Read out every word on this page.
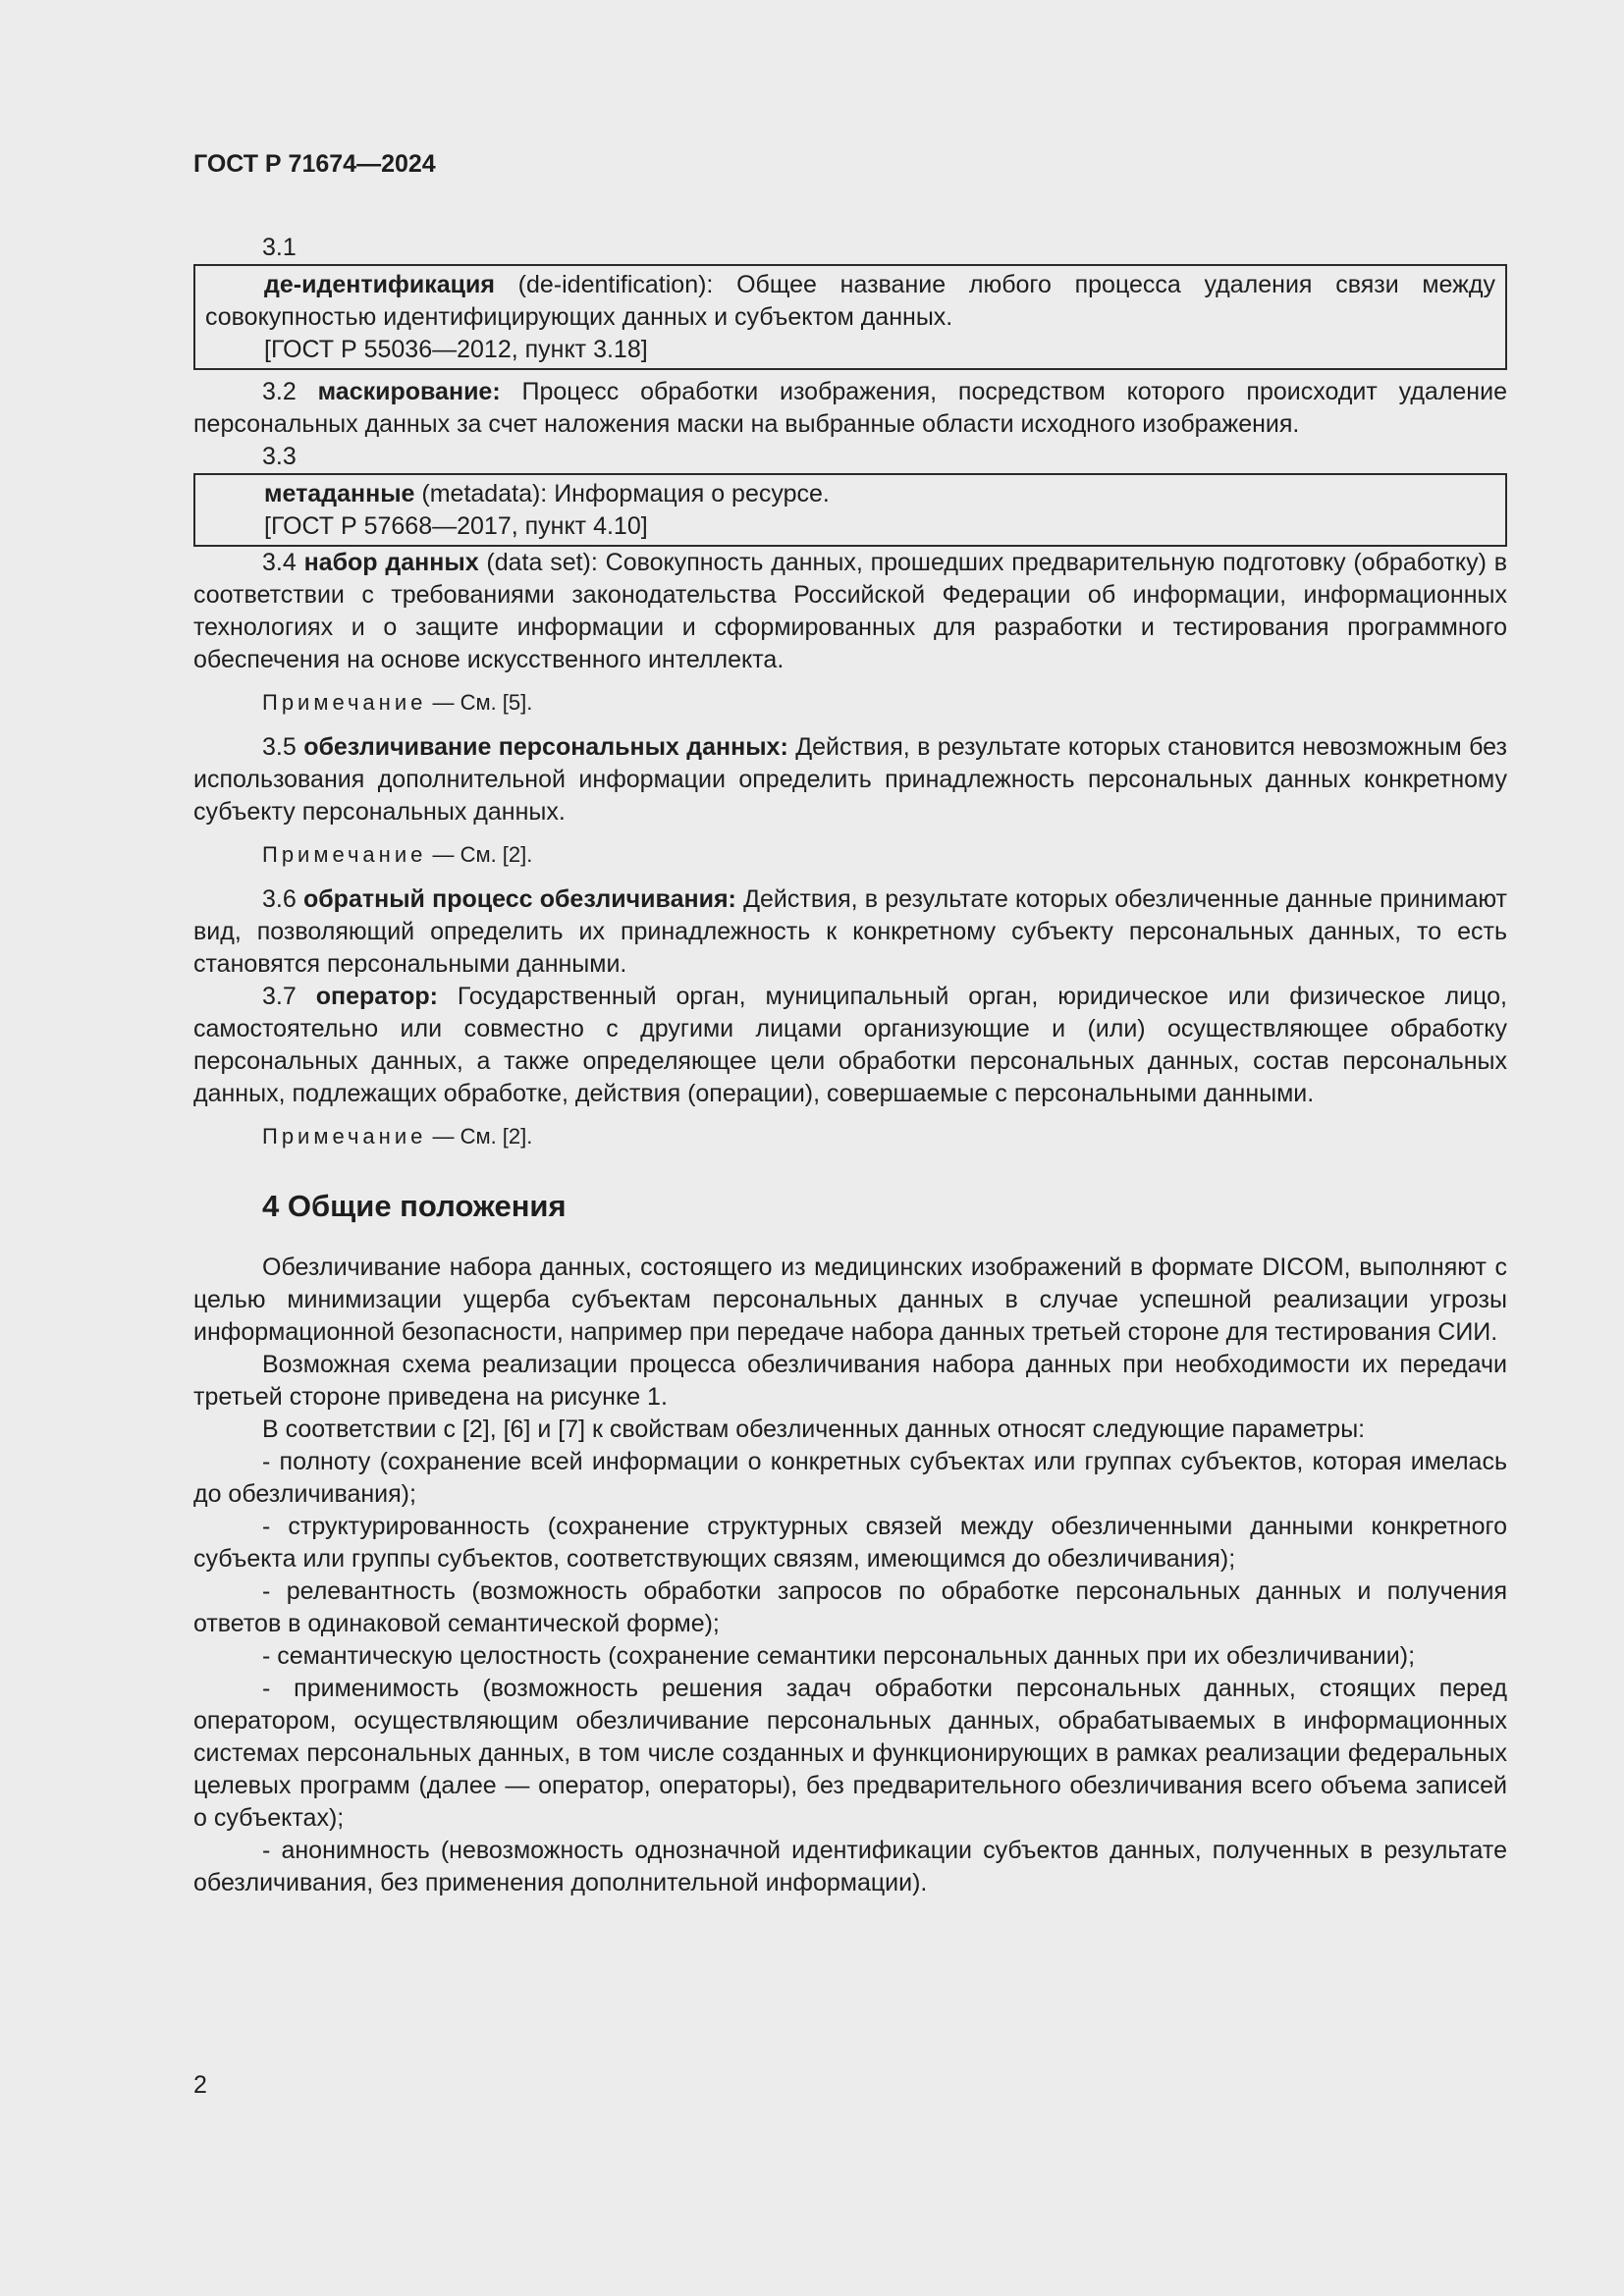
ГОСТ Р 71674—2024
3.1

де-идентификация (de-identification): Общее название любого процесса удаления связи между совокупностью идентифицирующих данных и субъектом данных.

[ГОСТ Р 55036—2012, пункт 3.18]

3.2 маскирование: Процесс обработки изображения, посредством которого происходит удаление персональных данных за счет наложения маски на выбранные области исходного изображения.

3.3

метаданные (metadata): Информация о ресурсе.

[ГОСТ Р 57668—2017, пункт 4.10]

3.4 набор данных (data set): Совокупность данных, прошедших предварительную подготовку (обработку) в соответствии с требованиями законодательства Российской Федерации об информации, информационных технологиях и о защите информации и сформированных для разработки и тестирования программного обеспечения на основе искусственного интеллекта.

Примечание — См. [5].

3.5 обезличивание персональных данных: Действия, в результате которых становится невозможным без использования дополнительной информации определить принадлежность персональных данных конкретному субъекту персональных данных.

Примечание — См. [2].

3.6 обратный процесс обезличивания: Действия, в результате которых обезличенные данные принимают вид, позволяющий определить их принадлежность к конкретному субъекту персональных данных, то есть становятся персональными данными.

3.7 оператор: Государственный орган, муниципальный орган, юридическое или физическое лицо, самостоятельно или совместно с другими лицами организующие и (или) осуществляющее обработку персональных данных, а также определяющее цели обработки персональных данных, состав персональных данных, подлежащих обработке, действия (операции), совершаемые с персональными данными.

Примечание — См. [2].
4 Общие положения

Обезличивание набора данных, состоящего из медицинских изображений в формате DICOM, выполняют с целью минимизации ущерба субъектам персональных данных в случае успешной реализации угрозы информационной безопасности, например при передаче набора данных третьей стороне для тестирования СИИ.

Возможная схема реализации процесса обезличивания набора данных при необходимости их передачи третьей стороне приведена на рисунке 1.

В соответствии с [2], [6] и [7] к свойствам обезличенных данных относят следующие параметры:

- полноту (сохранение всей информации о конкретных субъектах или группах субъектов, которая имелась до обезличивания);

- структурированность (сохранение структурных связей между обезличенными данными конкретного субъекта или группы субъектов, соответствующих связям, имеющимся до обезличивания);

- релевантность (возможность обработки запросов по обработке персональных данных и получения ответов в одинаковой семантической форме);

- семантическую целостность (сохранение семантики персональных данных при их обезличивании);

- применимость (возможность решения задач обработки персональных данных, стоящих перед оператором, осуществляющим обезличивание персональных данных, обрабатываемых в информационных системах персональных данных, в том числе созданных и функционирующих в рамках реализации федеральных целевых программ (далее — оператор, операторы), без предварительного обезличивания всего объема записей о субъектах);

- анонимность (невозможность однозначной идентификации субъектов данных, полученных в результате обезличивания, без применения дополнительной информации).

2
